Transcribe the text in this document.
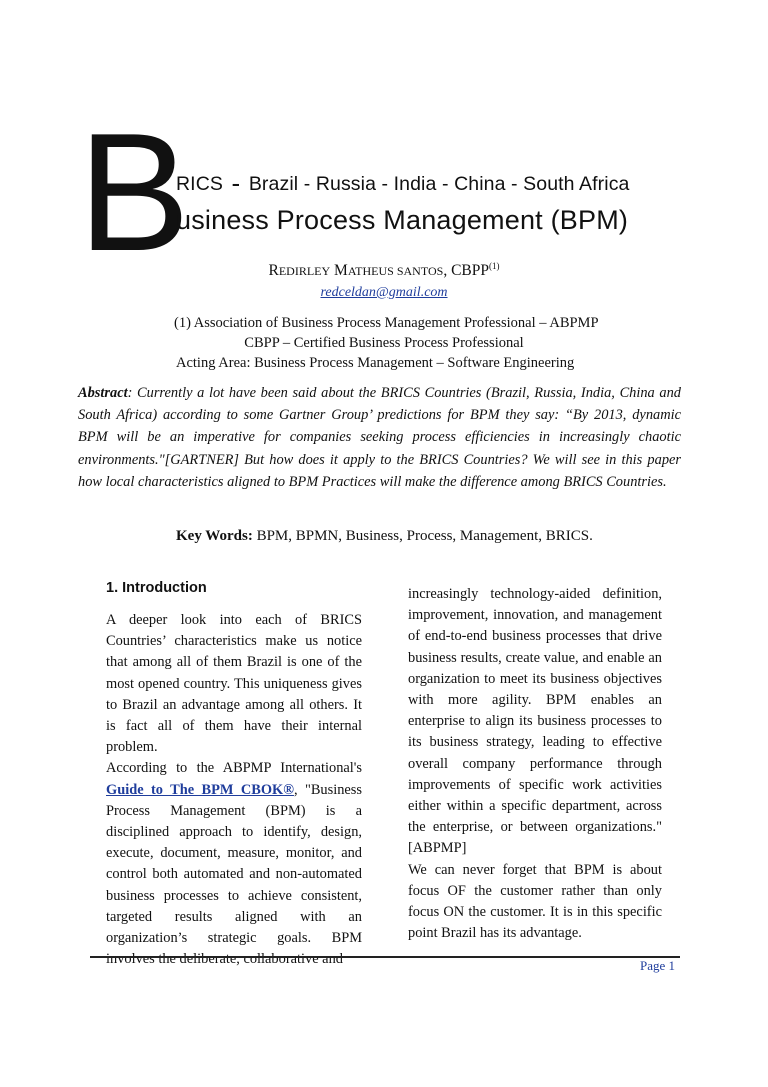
B
RICS - Brazil - Russia - India - China - South Africa
usiness Process Management (BPM)
REDIRLEY MATHEUS SANTOS, CBPP$^{(1)}$
redceldan@gmail.com
(1) Association of Business Process Management Professional – ABPMP
CBPP – Certified Business Process Professional
Acting Area: Business Process Management – Software Engineering
Abstract: Currently a lot have been said about the BRICS Countries (Brazil, Russia, India, China and South Africa) according to some Gartner Group’ predictions for BPM they say: “By 2013, dynamic BPM will be an imperative for companies seeking process efficiencies in increasingly chaotic environments."[GARTNER] But how does it apply to the BRICS Countries? We will see in this paper how local characteristics aligned to BPM Practices will make the difference among BRICS Countries.
Key Words: BPM, BPMN, Business, Process, Management, BRICS.
1. Introduction

A deeper look into each of BRICS Countries’ characteristics make us notice that among all of them Brazil is one of the most opened country. This uniqueness gives to Brazil an advantage among all others. It is fact all of them have their internal problem.

According to the ABPMP International's Guide to The BPM CBOK®, "Business Process Management (BPM) is a disciplined approach to identify, design, execute, document, measure, monitor, and control both automated and non-automated business processes to achieve consistent, targeted results aligned with an organization’s strategic goals. BPM involves the deliberate, collaborative and

increasingly technology-aided definition, improvement, innovation, and management of end-to-end business processes that drive business results, create value, and enable an organization to meet its business objectives with more agility. BPM enables an enterprise to align its business processes to its business strategy, leading to effective overall company performance through improvements of specific work activities either within a specific department, across the enterprise, or between organizations." [ABPMP]

We can never forget that BPM is about focus OF the customer rather than only focus ON the customer. It is in this specific point Brazil has its advantage.

Page 1
